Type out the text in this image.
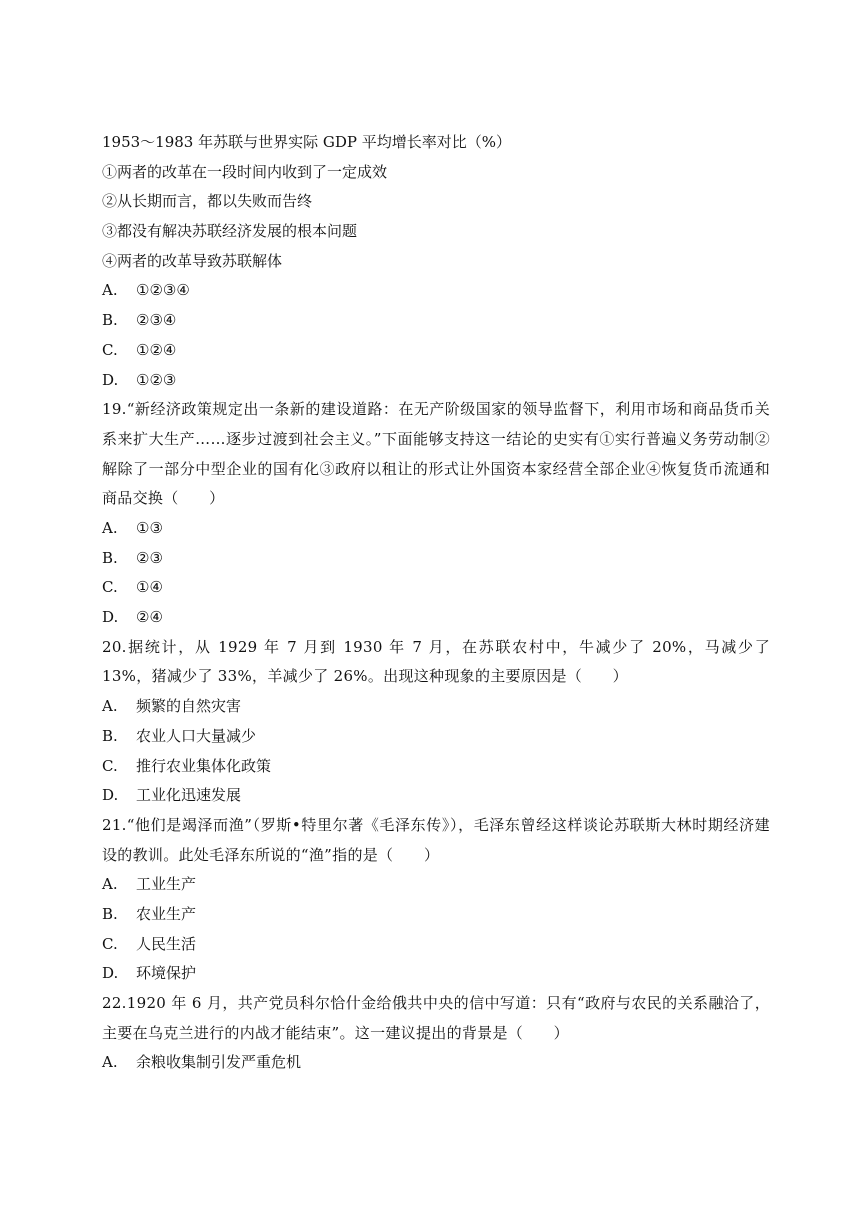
1953～1983 年苏联与世界实际 GDP 平均增长率对比（%）
①两者的改革在一段时间内收到了一定成效
②从长期而言，都以失败而告终
③都没有解决苏联经济发展的根本问题
④两者的改革导致苏联解体
A.	①②③④
B.	②③④
C.	①②④
D.	①②③
19.“新经济政策规定出一条新的建设道路：在无产阶级国家的领导监督下，利用市场和商品货币关系来扩大生产……逐步过渡到社会主义。”下面能够支持这一结论的史实有①实行普遍义务劳动制②解除了一部分中型企业的国有化③政府以租让的形式让外国资本家经营全部企业④恢复货币流通和商品交换（　　）
A.	①③
B.	②③
C.	①④
D.	②④
20.据统计，从 1929 年 7 月到 1930 年 7 月，在苏联农村中，牛减少了 20%，马减少了 13%，猪减少了 33%，羊减少了 26%。出现这种现象的主要原因是（　　）
A.	频繁的自然灾害
B.	农业人口大量减少
C.	推行农业集体化政策
D.	工业化迅速发展
21.“他们是竭泽而渔”（罗斯•特里尔著《毛泽东传》），毛泽东曾经这样谈论苏联斯大林时期经济建设的教训。此处毛泽东所说的“渔”指的是（　　）
A.	工业生产
B.	农业生产
C.	人民生活
D.	环境保护
22.1920 年 6 月，共产党员科尔恰什金给俄共中央的信中写道：只有“政府与农民的关系融洽了，主要在乌克兰进行的内战才能结束”。这一建议提出的背景是（　　）
A.	余粮收集制引发严重危机
